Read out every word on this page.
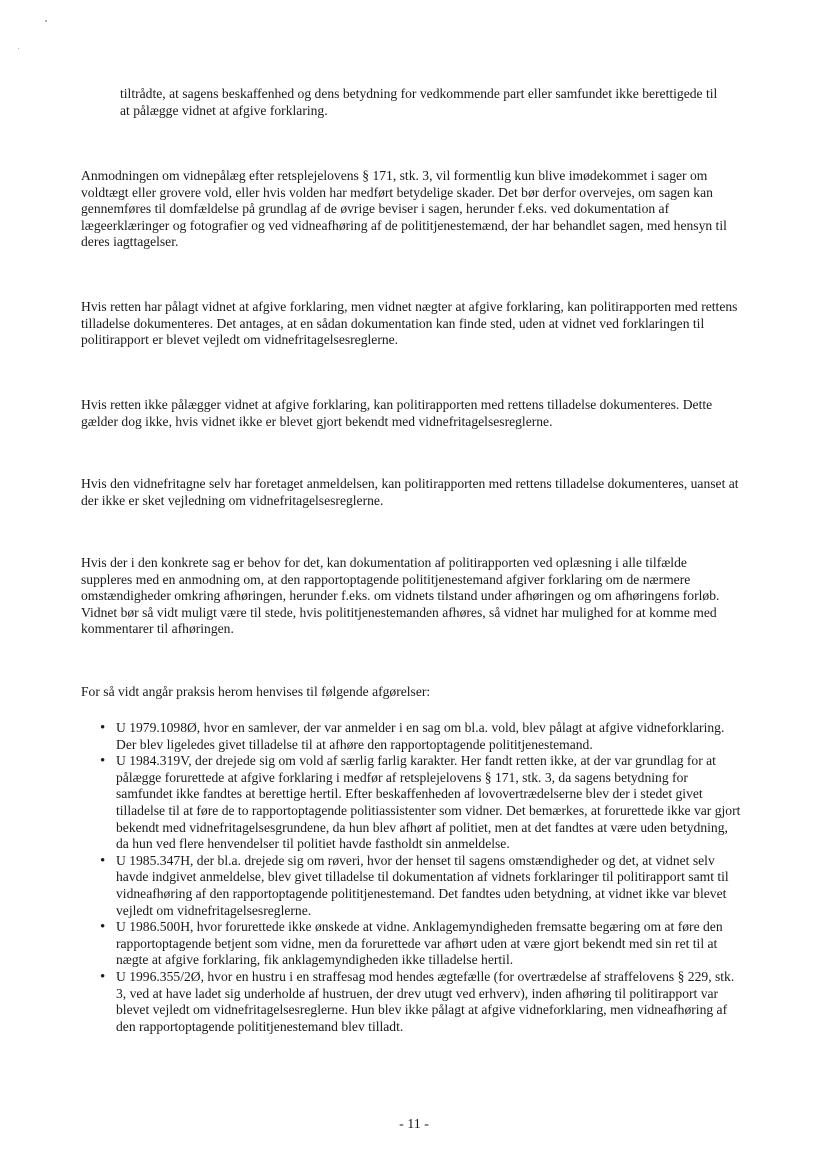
tiltrådte, at sagens beskaffenhed og dens betydning for vedkommende part eller samfundet ikke berettigede til at pålægge vidnet at afgive forklaring.

Anmodningen om vidnepålæg efter retsplejelovens § 171, stk. 3, vil formentlig kun blive imødekommet i sager om voldtægt eller grovere vold, eller hvis volden har medført betydelige skader. Det bør derfor overvejes, om sagen kan gennemføres til domfældelse på grundlag af de øvrige beviser i sagen, herunder f.eks. ved dokumentation af lægeerklæringer og fotografier og ved vidneafhøring af de polititjenestemænd, der har behandlet sagen, med hensyn til deres iagttagelser.

Hvis retten har pålagt vidnet at afgive forklaring, men vidnet nægter at afgive forklaring, kan politirapporten med rettens tilladelse dokumenteres. Det antages, at en sådan dokumentation kan finde sted, uden at vidnet ved forklaringen til politirapport er blevet vejledt om vidnefritagelsesreglerne.

Hvis retten ikke pålægger vidnet at afgive forklaring, kan politirapporten med rettens tilladelse dokumenteres. Dette gælder dog ikke, hvis vidnet ikke er blevet gjort bekendt med vidnefritagelsesreglerne.

Hvis den vidnefritagne selv har foretaget anmeldelsen, kan politirapporten med rettens tilladelse dokumenteres, uanset at der ikke er sket vejledning om vidnefritagelsesreglerne.

Hvis der i den konkrete sag er behov for det, kan dokumentation af politirapporten ved oplæsning i alle tilfælde suppleres med en anmodning om, at den rapportoptagende polititjenestemand afgiver forklaring om de nærmere omstændigheder omkring afhøringen, herunder f.eks. om vidnets tilstand under afhøringen og om afhøringens forløb. Vidnet bør så vidt muligt være til stede, hvis polititjenestemanden afhøres, så vidnet har mulighed for at komme med kommentarer til afhøringen.

For så vidt angår praksis herom henvises til følgende afgørelser:

• U 1979.1098Ø, hvor en samlever, der var anmelder i en sag om bl.a. vold, blev pålagt at afgive vidneforklaring. Der blev ligeledes givet tilladelse til at afhøre den rapportoptagende polititjenestemand.
• U 1984.319V, der drejede sig om vold af særlig farlig karakter. Her fandt retten ikke, at der var grundlag for at pålægge forurettede at afgive forklaring i medfør af retsplejelovens § 171, stk. 3, da sagens betydning for samfundet ikke fandtes at berettige hertil. Efter beskaffenheden af lovovertrædelserne blev der i stedet givet tilladelse til at føre de to rapportoptagende politiassistenter som vidner. Det bemærkes, at forurettede ikke var gjort bekendt med vidnefritagelsesgrundene, da hun blev afhørt af politiet, men at det fandtes at være uden betydning, da hun ved flere henvendelser til politiet havde fastholdt sin anmeldelse.
• U 1985.347H, der bl.a. drejede sig om røveri, hvor der henset til sagens omstændigheder og det, at vidnet selv havde indgivet anmeldelse, blev givet tilladelse til dokumentation af vidnets forklaringer til politirapport samt til vidneafhøring af den rapportoptagende polititjenestemand. Det fandtes uden betydning, at vidnet ikke var blevet vejledt om vidnefritagelsesreglerne.
• U 1986.500H, hvor forurettede ikke ønskede at vidne. Anklagemyndigheden fremsatte begæring om at føre den rapportoptagende betjent som vidne, men da forurettede var afhørt uden at være gjort bekendt med sin ret til at nægte at afgive forklaring, fik anklagemyndigheden ikke tilladelse hertil.
• U 1996.355/2Ø, hvor en hustru i en straffesag mod hendes ægtefælle (for overtrædelse af straffelovens § 229, stk. 3, ved at have ladet sig underholde af hustruen, der drev utugt ved erhverv), inden afhøring til politirapport var blevet vejledt om vidnefritagelsesreglerne. Hun blev ikke pålagt at afgive vidneforklaring, men vidneafhøring af den rapportoptagende polititjenestemand blev tilladt.
- 11 -
